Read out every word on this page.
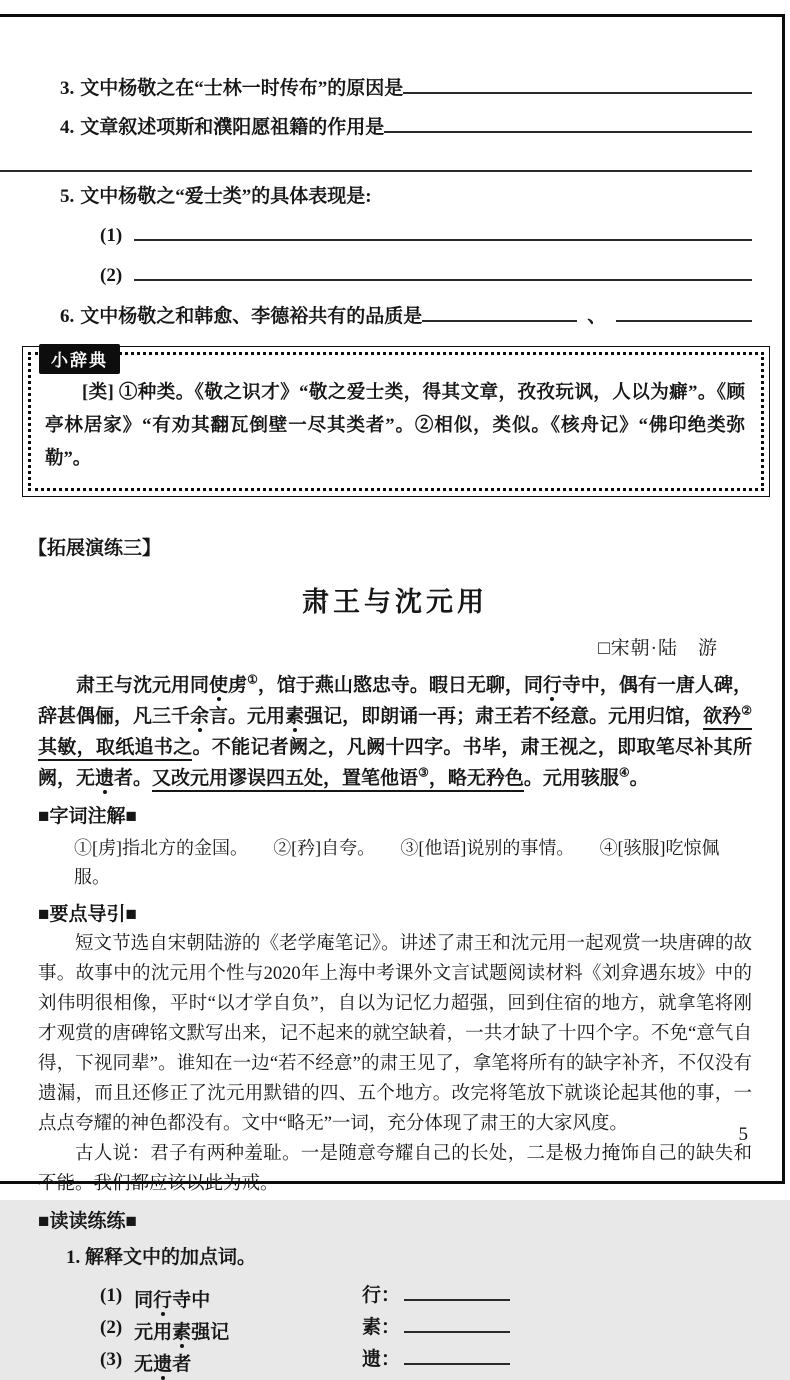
3. 文中杨敬之在“士林一时传布”的原因是
4. 文章叙述项斯和濮阳愿祖籍的作用是
5. 文中杨敬之“爱士类”的具体表现是:
(1)
(2)
6. 文中杨敬之和韩愈、李德裕共有的品质是	、
小辞典

[类] ①种类。《敬之识才》“敬之爱士类，得其文章，孜孜玩讽，人以为癖”。《顾亭林居家》“有劝其翻瓦倒壁一尽其类者”。②相似，类似。《核舟记》“佛印绝类弥勒”。

【拓展演练三】
肃王与沈元用
□宋朝·陆　游

肃王与沈元用同使虏①，馆于燕山愍忠寺。暇日无聊，同行寺中，偶有一唐人碑，辞甚偶俪，凡三千余言。元用素强记，即朗诵一再；肃王若不经意。元用归馆，欲矜②其敏，取纸追书之。不能记者阙之，凡阙十四字。书毕，肃王视之，即取笔尽补其所阙，无遗者。又改元用谬误四五处，置笔他语③，略无矜色。元用骇服④。

■字词注解■
①[虏]指北方的金国。 ②[矜]自夸。 ③[他语]说别的事情。 ④[骇服]吃惊佩服。
■要点导引■

短文节选自宋朝陆游的《老学庵笔记》。讲述了肃王和沈元用一起观赏一块唐碑的故事。故事中的沈元用个性与2020年上海中考课外文言试题阅读材料《刘弇遇东坡》中的刘伟明很相像，平时“以才学自负”，自以为记忆力超强，回到住宿的地方，就拿笔将刚才观赏的唐碑铭文默写出来，记不起来的就空缺着，一共才缺了十四个字。不免“意气自得，下视同辈”。谁知在一边“若不经意”的肃王见了，拿笔将所有的缺字补齐，不仅没有遗漏，而且还修正了沈元用默错的四、五个地方。改完将笔放下就谈论起其他的事，一点点夸耀的神色都没有。文中“略无”一词，充分体现了肃王的大家风度。

古人说：君子有两种羞耻。一是随意夸耀自己的长处，二是极力掩饰自己的缺失和不能。我们都应该以此为戒。

■读读练练■
1. 解释文中的加点词。
(1) 同行寺中	行：
(2) 元用素强记	素：
(3) 无遗者	遗：
5
